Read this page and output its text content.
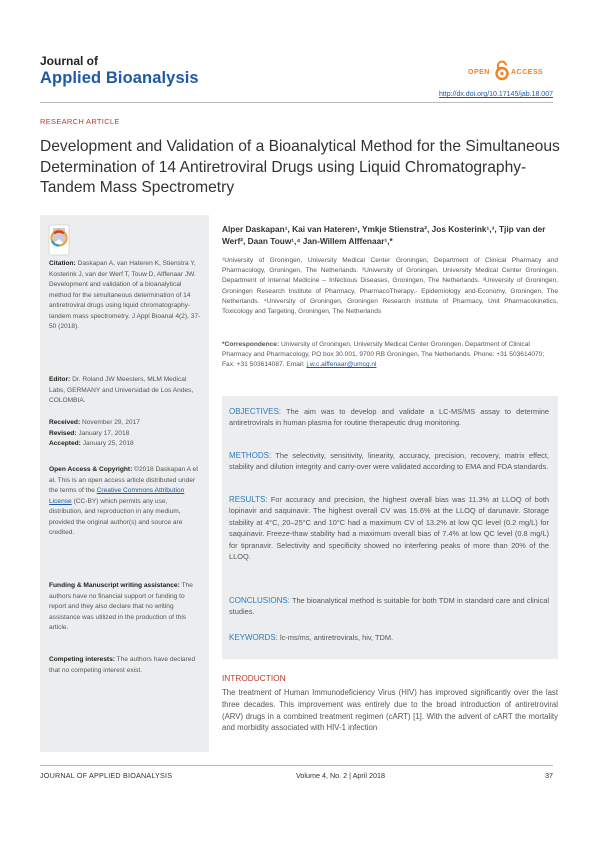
Journal of
Applied Bioanalysis	OPEN	ACCESS
http://dx.doi.org/10.17145/jab.18.007
RESEARCH ARTICLE
Development and Validation of a Bioanalytical Method for the Simultaneous Determination of 14 Antiretroviral Drugs using Liquid Chromatography-Tandem Mass Spectrometry
Citation: Daskapan A, van Hateren K, Stienstra Y, Kosterink J, van der Werf T, Touw D, Alffenaar JW. Development and validation of a bioanalytical method for the simultaneous determination of 14 antiretroviral drugs using liquid chromatography-tandem mass spectrometry. J Appl Bioanal 4(2), 37-50 (2018).
Editor: Dr. Roland JW Meesters, MLM Medical Labs, GERMANY and Universidad de Los Andes, COLOMBIA.
Received: November 29, 2017
Revised: January 17, 2018
Accepted: January 25, 2018
Open Access & Copyright: ©2018 Daskapan A et al. This is an open access article distributed under the terms of the Creative Commons Attribution License (CC-BY) which permits any use, distribution, and reproduction in any medium, provided the original author(s) and source are credited.
Funding & Manuscript writing assistance: The authors have no financial support or funding to report and they also declare that no writing assistance was utilized in the production of this article.
Competing interests: The authors have declared that no competing interest exist.
Alper Daskapan¹, Kai van Hateren¹, Ymkje Stienstra², Jos Kosterink¹,³, Tjip van der Werf², Daan Touw¹,⁴ Jan-Willem Alffenaar¹,*
¹University of Groningen, University Medical Center Groningen, Department of Clinical Pharmacy and Pharmacology, Groningen, The Netherlands. ²University of Groningen, University Medical Center Groningen, Department of Internal Medicine – Infectious Diseases, Groningen, The Netherlands. ³University of Groningen, Groningen Research Institute of Pharmacy, PharmacoTherapy,- Epidemiology and-Economy, Groningen, The Netherlands. ⁴University of Groningen, Groningen Research Institute of Pharmacy, Unit Pharmacokinetics, Toxicology and Targeting, Groningen, The Netherlands
*Correspondence: University of Groningen, University Medical Center Groningen, Department of Clinical Pharmacy and Pharmacology, PO box 30.001, 9700 RB Groningen, The Netherlands. Phone: +31 503614070; Fax: +31 503614087. Email: j.w.c.alffenaar@umcg.nl
OBJECTIVES: The aim was to develop and validate a LC-MS/MS assay to determine antiretrovirals in human plasma for routine therapeutic drug monitoring.
METHODS: The selectivity, sensitivity, linearity, accuracy, precision, recovery, matrix effect, stability and dilution integrity and carry-over were validated according to EMA and FDA standards.
RESULTS: For accuracy and precision, the highest overall bias was 11.3% at LLOQ of both lopinavir and saquinavir. The highest overall CV was 15.6% at the LLOQ of darunavir. Storage stability at 4°C, 20–25°C and 10°C had a maximum CV of 13.2% at low QC level (0.2 mg/L) for saquinavir. Freeze-thaw stability had a maximum overall bias of 7.4% at low QC level (0.8 mg/L) for tipranavir. Selectivity and specificity showed no interfering peaks of more than 20% of the LLOQ.
CONCLUSIONS: The bioanalytical method is suitable for both TDM in standard care and clinical studies.
KEYWORDS: lc-ms/ms, antiretrovirals, hiv, TDM.
INTRODUCTION
The treatment of Human Immunodeficiency Virus (HIV) has improved significantly over the last three decades. This improvement was entirely due to the broad introduction of antiretroviral (ARV) drugs in a combined treatment regimen (cART) [1]. With the advent of cART the mortality and morbidity associated with HIV-1 infection
JOURNAL OF APPLIED BIOANALYSIS	Volume 4, No. 2 | April 2018	37
